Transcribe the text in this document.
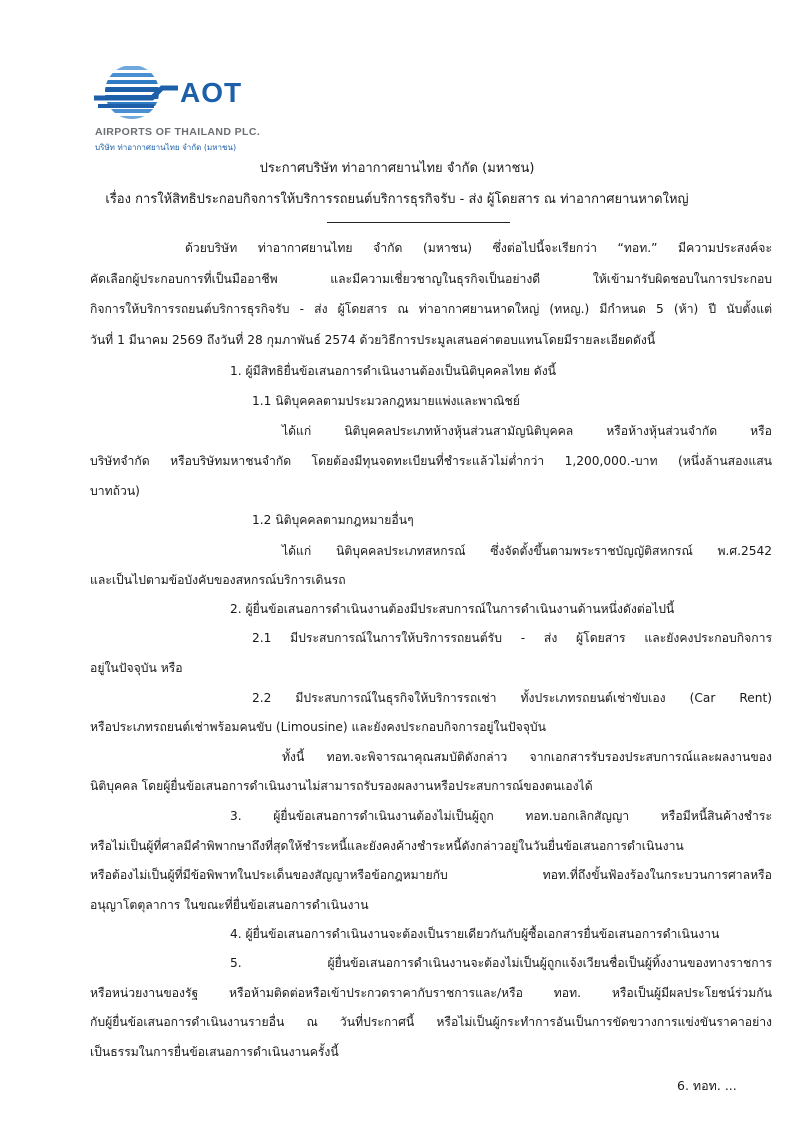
AOT
AIRPORTS OF THAILAND PLC.
บริษัท ท่าอากาศยานไทย จำกัด (มหาชน)
ประกาศบริษัท ท่าอากาศยานไทย จำกัด (มหาชน)
เรื่อง การให้สิทธิประกอบกิจการให้บริการรถยนต์บริการธุรกิจรับ - ส่ง ผู้โดยสาร ณ ท่าอากาศยานหาดใหญ่
ด้วยบริษัท ท่าอากาศยานไทย จำกัด (มหาชน) ซึ่งต่อไปนี้จะเรียกว่า “ทอท.” มีความประสงค์จะ
คัดเลือกผู้ประกอบการที่เป็นมืออาชีพ และมีความเชี่ยวชาญในธุรกิจเป็นอย่างดี ให้เข้ามารับผิดชอบในการประกอบ
กิจการให้บริการรถยนต์บริการธุรกิจรับ - ส่ง ผู้โดยสาร ณ ท่าอากาศยานหาดใหญ่ (ทหญ.) มีกำหนด 5 (ห้า) ปี นับตั้งแต่
วันที่ 1 มีนาคม 2569 ถึงวันที่ 28 กุมภาพันธ์ 2574 ด้วยวิธีการประมูลเสนอค่าตอบแทนโดยมีรายละเอียดดังนี้
1. ผู้มีสิทธิยื่นข้อเสนอการดำเนินงานต้องเป็นนิติบุคคลไทย ดังนี้
1.1 นิติบุคคลตามประมวลกฎหมายแพ่งและพาณิชย์
ได้แก่ นิติบุคคลประเภทห้างหุ้นส่วนสามัญนิติบุคคล หรือห้างหุ้นส่วนจำกัด หรือ
บริษัทจำกัด หรือบริษัทมหาชนจำกัด โดยต้องมีทุนจดทะเบียนที่ชำระแล้วไม่ต่ำกว่า 1,200,000.-บาท (หนึ่งล้านสองแสน
บาทถ้วน)
1.2 นิติบุคคลตามกฎหมายอื่นๆ
ได้แก่ นิติบุคคลประเภทสหกรณ์ ซึ่งจัดตั้งขึ้นตามพระราชบัญญัติสหกรณ์ พ.ศ.2542
และเป็นไปตามข้อบังคับของสหกรณ์บริการเดินรถ
2. ผู้ยื่นข้อเสนอการดำเนินงานต้องมีประสบการณ์ในการดำเนินงานด้านหนึ่งดังต่อไปนี้
2.1 มีประสบการณ์ในการให้บริการรถยนต์รับ - ส่ง ผู้โดยสาร และยังคงประกอบกิจการ
อยู่ในปัจจุบัน หรือ
2.2 มีประสบการณ์ในธุรกิจให้บริการรถเช่า ทั้งประเภทรถยนต์เช่าขับเอง (Car Rent)
หรือประเภทรถยนต์เช่าพร้อมคนขับ (Limousine) และยังคงประกอบกิจการอยู่ในปัจจุบัน
ทั้งนี้ ทอท.จะพิจารณาคุณสมบัติดังกล่าว จากเอกสารรับรองประสบการณ์และผลงานของ
นิติบุคคล โดยผู้ยื่นข้อเสนอการดำเนินงานไม่สามารถรับรองผลงานหรือประสบการณ์ของตนเองได้
3. ผู้ยื่นข้อเสนอการดำเนินงานต้องไม่เป็นผู้ถูก ทอท.บอกเลิกสัญญา หรือมีหนี้สินค้างชำระ
หรือไม่เป็นผู้ที่ศาลมีคำพิพากษาถึงที่สุดให้ชำระหนี้และยังคงค้างชำระหนี้ดังกล่าวอยู่ในวันยื่นข้อเสนอการดำเนินงาน
หรือต้องไม่เป็นผู้ที่มีข้อพิพาทในประเด็นของสัญญาหรือข้อกฎหมายกับ ทอท.ที่ถึงขั้นฟ้องร้องในกระบวนการศาลหรือ
อนุญาโตตุลาการ ในขณะที่ยื่นข้อเสนอการดำเนินงาน
4. ผู้ยื่นข้อเสนอการดำเนินงานจะต้องเป็นรายเดียวกันกับผู้ซื้อเอกสารยื่นข้อเสนอการดำเนินงาน
5. ผู้ยื่นข้อเสนอการดำเนินงานจะต้องไม่เป็นผู้ถูกแจ้งเวียนชื่อเป็นผู้ทิ้งงานของทางราชการ
หรือหน่วยงานของรัฐ หรือห้ามติดต่อหรือเข้าประกวดราคากับราชการและ/หรือ ทอท. หรือเป็นผู้มีผลประโยชน์ร่วมกัน
กับผู้ยื่นข้อเสนอการดำเนินงานรายอื่น ณ วันที่ประกาศนี้ หรือไม่เป็นผู้กระทำการอันเป็นการขัดขวางการแข่งขันราคาอย่าง
เป็นธรรมในการยื่นข้อเสนอการดำเนินงานครั้งนี้
6. ทอท. ...
